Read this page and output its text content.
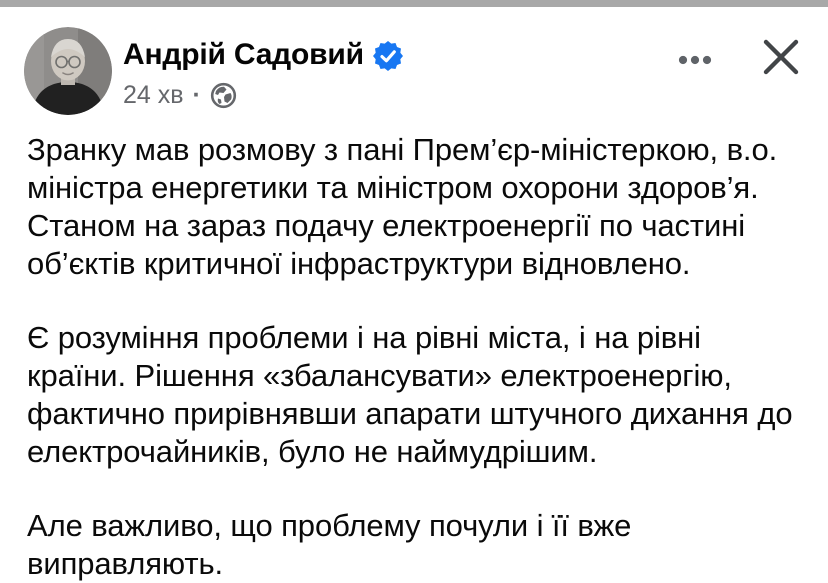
Андрій Садовий
24 хв ·

Зранку мав розмову з пані Прем’єр-міністеркою, в.о. міністра енергетики та міністром охорони здоров’я. Станом на зараз подачу електроенергії по частині об’єктів критичної інфраструктури відновлено.

Є розуміння проблеми і на рівні міста, і на рівні країни. Рішення «збалансувати» електроенергію, фактично прирівнявши апарати штучного дихання до електрочайників, було не наймудрішим.

Але важливо, що проблему почули і її вже виправляють.
